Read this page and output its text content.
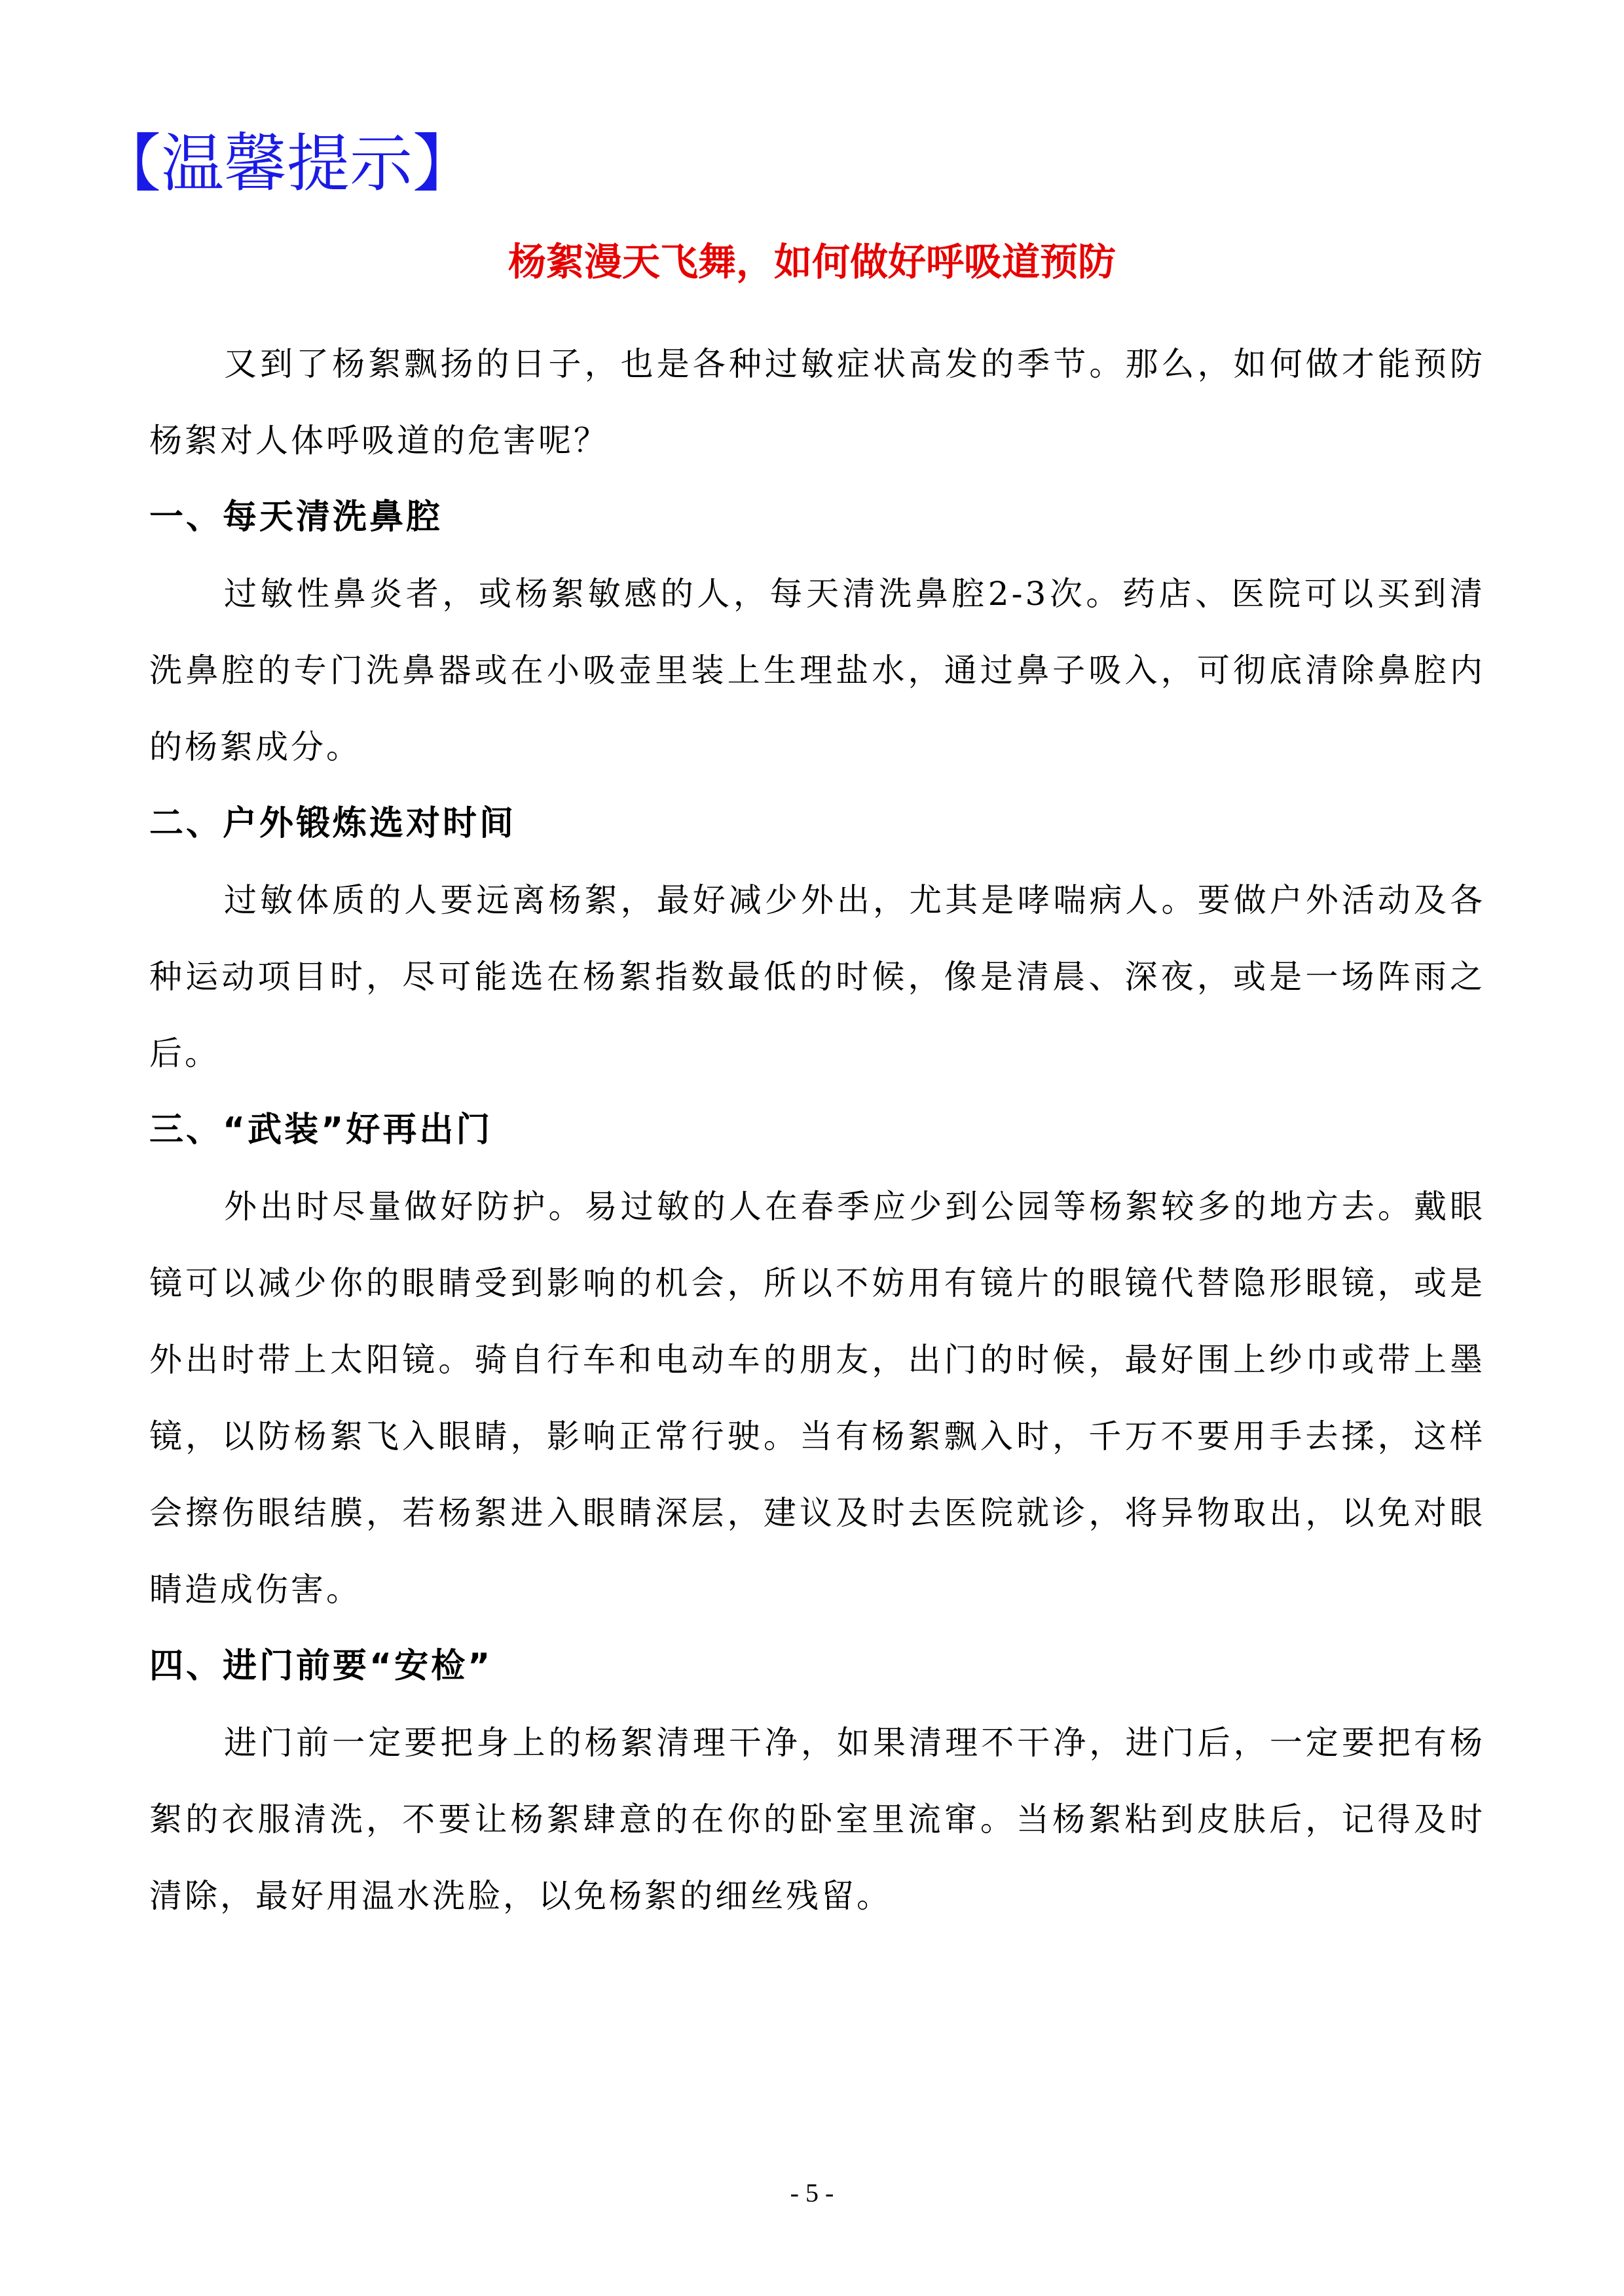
【温馨提示】
杨絮漫天飞舞，如何做好呼吸道预防

又到了杨絮飘扬的日子，也是各种过敏症状高发的季节。那么，如何做才能预防杨絮对人体呼吸道的危害呢？

一、每天清洗鼻腔

过敏性鼻炎者，或杨絮敏感的人，每天清洗鼻腔2-3次。药店、医院可以买到清洗鼻腔的专门洗鼻器或在小吸壶里装上生理盐水，通过鼻子吸入，可彻底清除鼻腔内的杨絮成分。

二、户外锻炼选对时间

过敏体质的人要远离杨絮，最好减少外出，尤其是哮喘病人。要做户外活动及各种运动项目时，尽可能选在杨絮指数最低的时候，像是清晨、深夜，或是一场阵雨之后。

三、“武装”好再出门

外出时尽量做好防护。易过敏的人在春季应少到公园等杨絮较多的地方去。戴眼镜可以减少你的眼睛受到影响的机会，所以不妨用有镜片的眼镜代替隐形眼镜，或是外出时带上太阳镜。骑自行车和电动车的朋友，出门的时候，最好围上纱巾或带上墨镜，以防杨絮飞入眼睛，影响正常行驶。当有杨絮飘入时，千万不要用手去揉，这样会擦伤眼结膜，若杨絮进入眼睛深层，建议及时去医院就诊，将异物取出，以免对眼睛造成伤害。

四、进门前要“安检”

进门前一定要把身上的杨絮清理干净，如果清理不干净，进门后，一定要把有杨絮的衣服清洗，不要让杨絮肆意的在你的卧室里流窜。当杨絮粘到皮肤后，记得及时清除，最好用温水洗脸，以免杨絮的细丝残留。

- 5 -
